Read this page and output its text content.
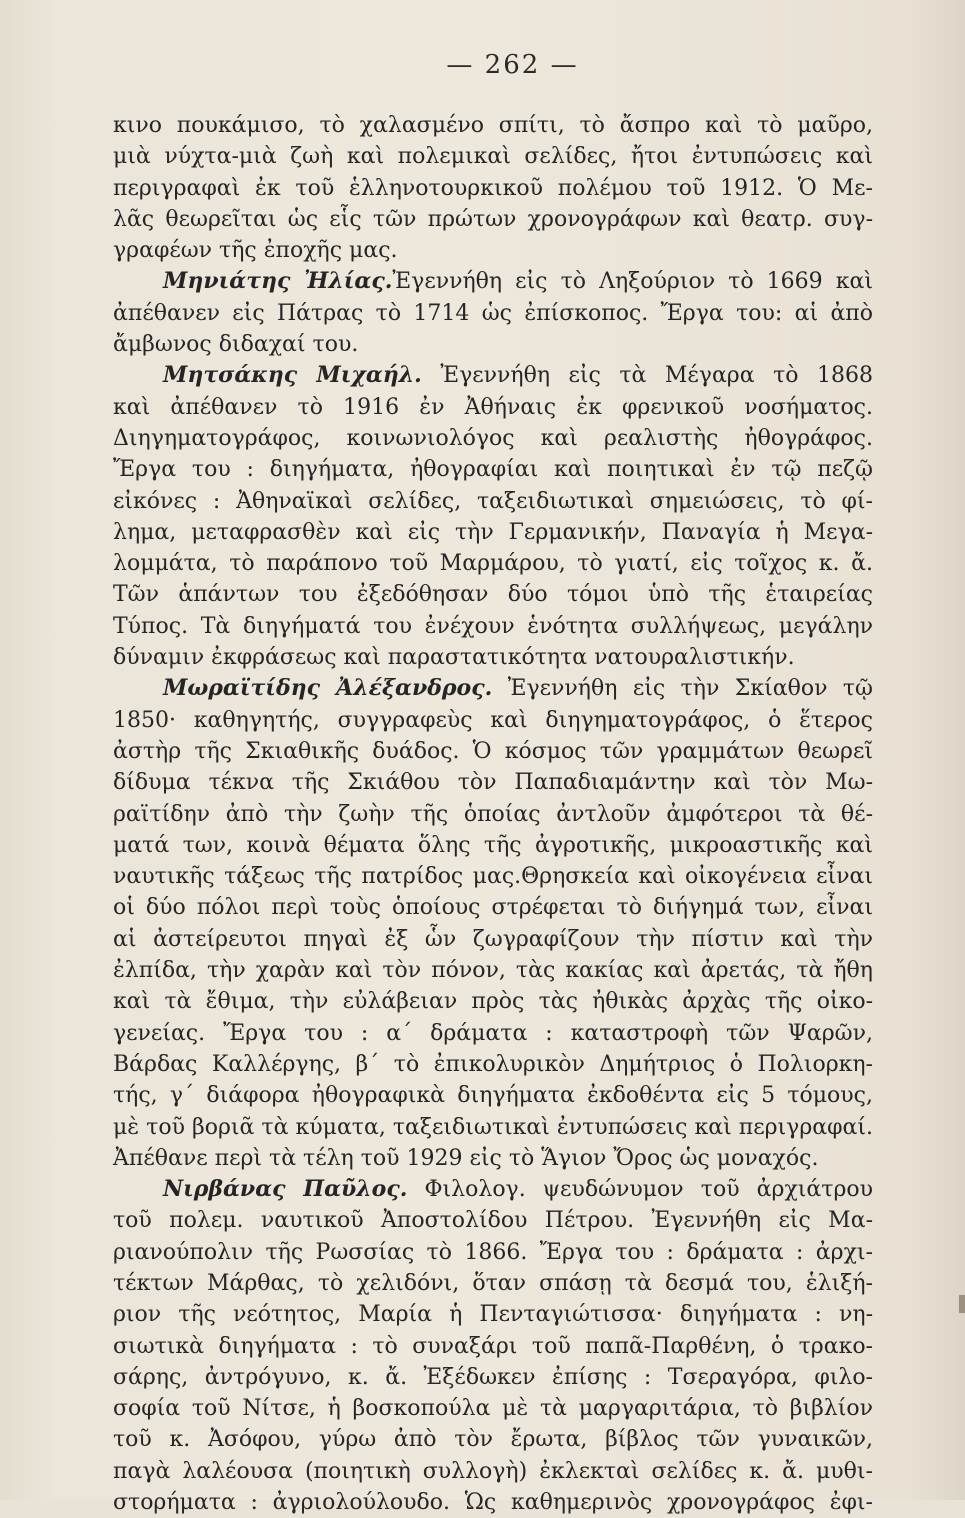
— 262 —
κινο πουκάμισο, τὸ χαλασμένο σπίτι, τὸ ἄσπρο καὶ τὸ μαῦρο,
μιὰ νύχτα-μιὰ ζωὴ καὶ πολεμικαὶ σελίδες, ἤτοι ἐντυπώσεις καὶ
περιγραφαὶ ἐκ τοῦ ἑλληνοτουρκικοῦ πολέμου τοῦ 1912. Ὁ Με-
λᾶς θεωρεῖται ὡς εἷς τῶν πρώτων χρονογράφων καὶ θεατρ. συγ-
γραφέων τῆς ἐποχῆς μας.
Μηνιάτης Ἠλίας.Ἐγεννήθη εἰς τὸ Ληξούριον τὸ 1669 καὶ
ἀπέθανεν εἰς Πάτρας τὸ 1714 ὡς ἐπίσκοπος. Ἔργα του: αἱ ἀπὸ
ἄμβωνος διδαχαί του.
Μητσάκης Μιχαήλ. Ἐγεννήθη εἰς τὰ Μέγαρα τὸ 1868
καὶ ἀπέθανεν τὸ 1916 ἐν Ἀθήναις ἐκ φρενικοῦ νοσήματος.
Διηγηματογράφος, κοινωνιολόγος καὶ ρεαλιστὴς ἠθογράφος.
Ἔργα του : διηγήματα, ἠθογραφίαι καὶ ποιητικαὶ ἐν τῷ πεζῷ
εἰκόνες : Ἀθηναϊκαὶ σελίδες, ταξειδιωτικαὶ σημειώσεις, τὸ φί-
λημα, μεταφρασθὲν καὶ εἰς τὴν Γερμανικήν, Παναγία ἡ Μεγα-
λομμάτα, τὸ παράπονο τοῦ Μαρμάρου, τὸ γιατί, εἰς τοῖχος κ. ἄ.
Τῶν ἁπάντων του ἐξεδόθησαν δύο τόμοι ὑπὸ τῆς ἑταιρείας
Τύπος. Τὰ διηγήματά του ἐνέχουν ἑνότητα συλλήψεως, μεγάλην
δύναμιν ἐκφράσεως καὶ παραστατικότητα νατουραλιστικήν.
Μωραϊτίδης Ἀλέξανδρος. Ἐγεννήθη εἰς τὴν Σκίαθον τῷ
1850· καθηγητής, συγγραφεὺς καὶ διηγηματογράφος, ὁ ἕτερος
ἀστὴρ τῆς Σκιαθικῆς δυάδος. Ὁ κόσμος τῶν γραμμάτων θεωρεῖ
δίδυμα τέκνα τῆς Σκιάθου τὸν Παπαδιαμάντην καὶ τὸν Μω-
ραϊτίδην ἀπὸ τὴν ζωὴν τῆς ὁποίας ἀντλοῦν ἀμφότεροι τὰ θέ-
ματά των, κοινὰ θέματα ὅλης τῆς ἀγροτικῆς, μικροαστικῆς καὶ
ναυτικῆς τάξεως τῆς πατρίδος μας.Θρησκεία καὶ οἰκογένεια εἶναι
οἱ δύο πόλοι περὶ τοὺς ὁποίους στρέφεται τὸ διήγημά των, εἶναι
αἱ ἀστείρευτοι πηγαὶ ἐξ ὧν ζωγραφίζουν τὴν πίστιν καὶ τὴν
ἐλπίδα, τὴν χαρὰν καὶ τὸν πόνον, τὰς κακίας καὶ ἀρετάς, τὰ ἤθη
καὶ τὰ ἔθιμα, τὴν εὐλάβειαν πρὸς τὰς ἠθικὰς ἀρχὰς τῆς οἰκο-
γενείας. Ἔργα του : α΄ δράματα : καταστροφὴ τῶν Ψαρῶν,
Βάρδας Καλλέργης, β΄ τὸ ἐπικολυρικὸν Δημήτριος ὁ Πολιορκη-
τής, γ΄ διάφορα ἠθογραφικὰ διηγήματα ἐκδοθέντα εἰς 5 τόμους,
μὲ τοῦ βοριᾶ τὰ κύματα, ταξειδιωτικαὶ ἐντυπώσεις καὶ περιγραφαί.
Ἀπέθανε περὶ τὰ τέλη τοῦ 1929 εἰς τὸ Ἅγιον Ὄρος ὡς μοναχός.
Νιρβάνας Παῦλος. Φιλολογ. ψευδώνυμον τοῦ ἀρχιάτρου
τοῦ πολεμ. ναυτικοῦ Ἀποστολίδου Πέτρου. Ἐγεννήθη εἰς Μα-
ριανούπολιν τῆς Ρωσσίας τὸ 1866. Ἔργα του : δράματα : ἀρχι-
τέκτων Μάρθας, τὸ χελιδόνι, ὅταν σπάσῃ τὰ δεσμά του, ἑλιξή-
ριον τῆς νεότητος, Μαρία ἡ Πενταγιώτισσα· διηγήματα : νη-
σιωτικὰ διηγήματα : τὸ συναξάρι τοῦ παπᾶ-Παρθένη, ὁ τρακο-
σάρης, ἀντρόγυνο, κ. ἄ. Ἐξέδωκεν ἐπίσης : Τσεραγόρα, φιλο-
σοφία τοῦ Νίτσε, ἡ βοσκοπούλα μὲ τὰ μαργαριτάρια, τὸ βιβλίον
τοῦ κ. Ἀσόφου, γύρω ἀπὸ τὸν ἔρωτα, βίβλος τῶν γυναικῶν,
παγὰ λαλέουσα (ποιητικὴ συλλογὴ) ἐκλεκταὶ σελίδες κ. ἄ. μυθι-
στορήματα : ἀγριολούλουδο. Ὡς καθημερινὸς χρονογράφος ἐφι-
